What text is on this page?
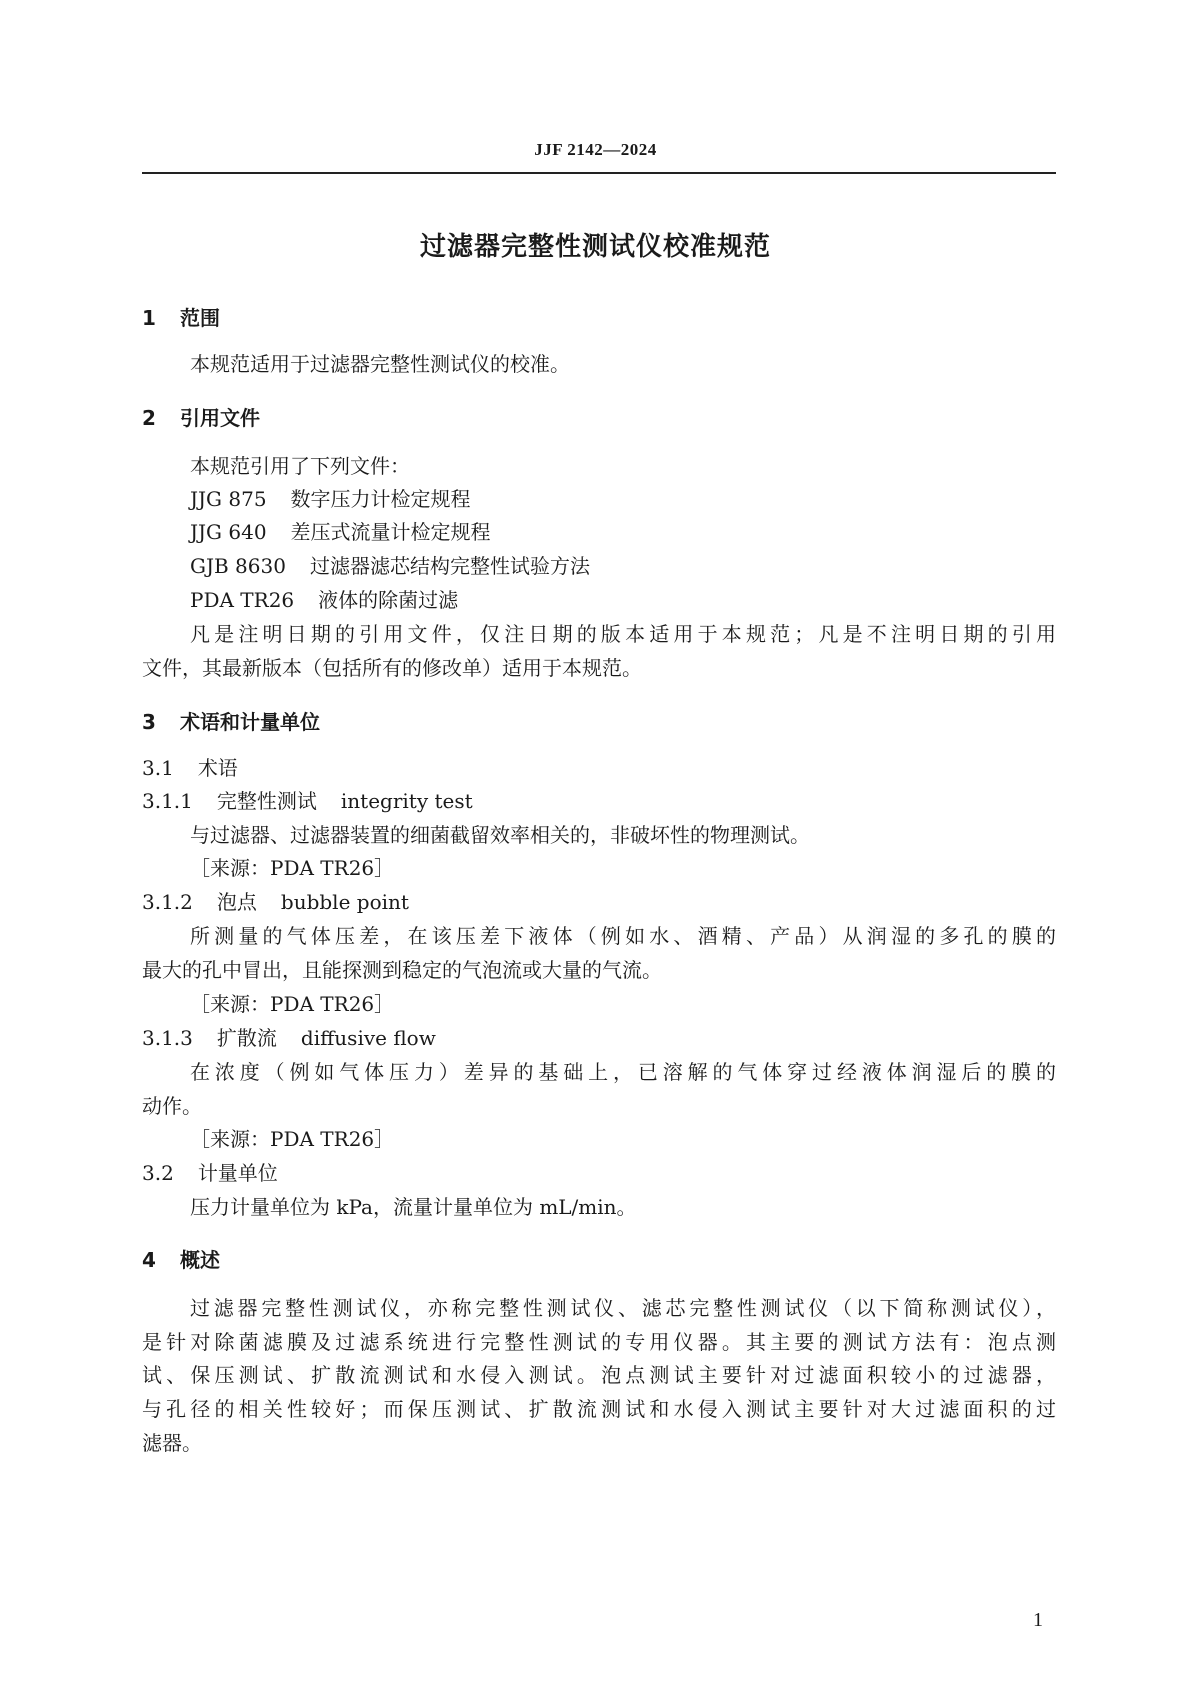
JJF 2142—2024
过滤器完整性测试仪校准规范
1 范围
本规范适用于过滤器完整性测试仪的校准。
2 引用文件
本规范引用了下列文件：
JJG 875 数字压力计检定规程
JJG 640 差压式流量计检定规程
GJB 8630 过滤器滤芯结构完整性试验方法
PDA TR26 液体的除菌过滤
凡是注明日期的引用文件，仅注日期的版本适用于本规范；凡是不注明日期的引用
文件，其最新版本（包括所有的修改单）适用于本规范。
3 术语和计量单位
3.1 术语
3.1.1 完整性测试 integrity test
与过滤器、过滤器装置的细菌截留效率相关的，非破坏性的物理测试。
［来源：PDA TR26］
3.1.2 泡点 bubble point
所测量的气体压差，在该压差下液体（例如水、酒精、产品）从润湿的多孔的膜的
最大的孔中冒出，且能探测到稳定的气泡流或大量的气流。
［来源：PDA TR26］
3.1.3 扩散流 diffusive flow
在浓度（例如气体压力）差异的基础上，已溶解的气体穿过经液体润湿后的膜的
动作。
［来源：PDA TR26］
3.2 计量单位
压力计量单位为 kPa，流量计量单位为 mL/min。
4 概述
过滤器完整性测试仪，亦称完整性测试仪、滤芯完整性测试仪（以下简称测试仪），
是针对除菌滤膜及过滤系统进行完整性测试的专用仪器。其主要的测试方法有：泡点测
试、保压测试、扩散流测试和水侵入测试。泡点测试主要针对过滤面积较小的过滤器，
与孔径的相关性较好；而保压测试、扩散流测试和水侵入测试主要针对大过滤面积的过
滤器。
1
